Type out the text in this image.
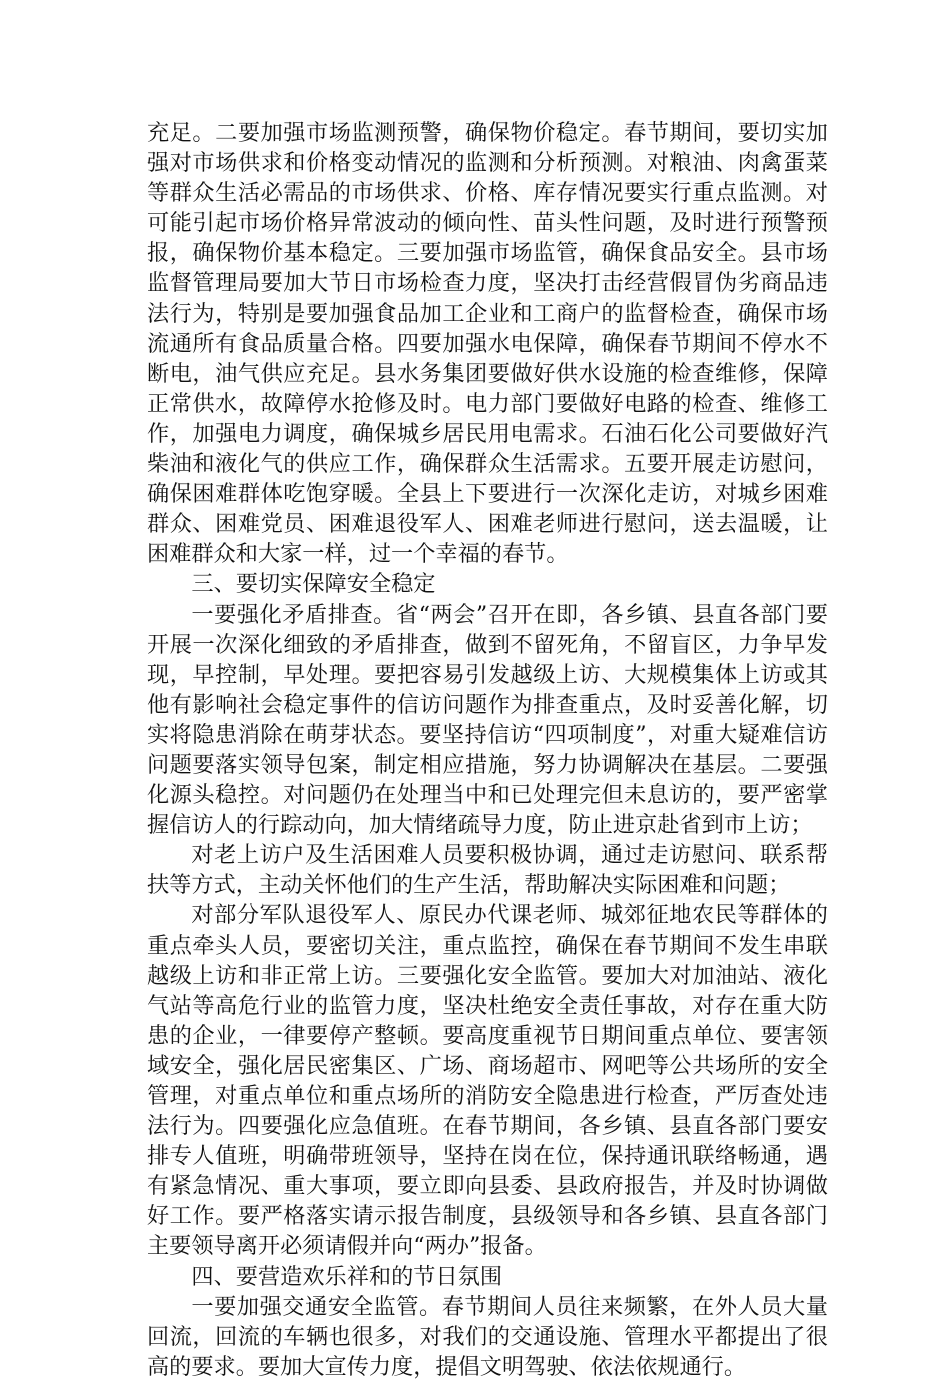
充足。二要加强市场监测预警，确保物价稳定。春节期间，要切实加强对市场供求和价格变动情况的监测和分析预测。对粮油、肉禽蛋菜等群众生活必需品的市场供求、价格、库存情况要实行重点监测。对可能引起市场价格异常波动的倾向性、苗头性问题，及时进行预警预报，确保物价基本稳定。三要加强市场监管，确保食品安全。县市场监督管理局要加大节日市场检查力度，坚决打击经营假冒伪劣商品违法行为，特别是要加强食品加工企业和工商户的监督检查，确保市场流通所有食品质量合格。四要加强水电保障，确保春节期间不停水不断电，油气供应充足。县水务集团要做好供水设施的检查维修，保障正常供水，故障停水抢修及时。电力部门要做好电路的检查、维修工作，加强电力调度，确保城乡居民用电需求。石油石化公司要做好汽柴油和液化气的供应工作，确保群众生活需求。五要开展走访慰问，确保困难群体吃饱穿暖。全县上下要进行一次深化走访，对城乡困难群众、困难党员、困难退役军人、困难老师进行慰问，送去温暖，让困难群众和大家一样，过一个幸福的春节。

三、要切实保障安全稳定

一要强化矛盾排查。省“两会”召开在即，各乡镇、县直各部门要开展一次深化细致的矛盾排查，做到不留死角，不留盲区，力争早发现，早控制，早处理。要把容易引发越级上访、大规模集体上访或其他有影响社会稳定事件的信访问题作为排查重点，及时妥善化解，切实将隐患消除在萌芽状态。要坚持信访“四项制度”，对重大疑难信访问题要落实领导包案，制定相应措施，努力协调解决在基层。二要强化源头稳控。对问题仍在处理当中和已处理完但未息访的，要严密掌握信访人的行踪动向，加大情绪疏导力度，防止进京赴省到市上访；

对老上访户及生活困难人员要积极协调，通过走访慰问、联系帮扶等方式，主动关怀他们的生产生活，帮助解决实际困难和问题；

对部分军队退役军人、原民办代课老师、城郊征地农民等群体的重点牵头人员，要密切关注，重点监控，确保在春节期间不发生串联越级上访和非正常上访。三要强化安全监管。要加大对加油站、液化气站等高危行业的监管力度，坚决杜绝安全责任事故，对存在重大防患的企业，一律要停产整顿。要高度重视节日期间重点单位、要害领域安全，强化居民密集区、广场、商场超市、网吧等公共场所的安全管理，对重点单位和重点场所的消防安全隐患进行检查，严厉查处违法行为。四要强化应急值班。在春节期间，各乡镇、县直各部门要安排专人值班，明确带班领导，坚持在岗在位，保持通讯联络畅通，遇有紧急情况、重大事项，要立即向县委、县政府报告，并及时协调做好工作。要严格落实请示报告制度，县级领导和各乡镇、县直各部门主要领导离开必须请假并向“两办”报备。

四、要营造欢乐祥和的节日氛围

一要加强交通安全监管。春节期间人员往来频繁，在外人员大量回流，回流的车辆也很多，对我们的交通设施、管理水平都提出了很高的要求。要加大宣传力度，提倡文明驾驶、依法依规通行。
